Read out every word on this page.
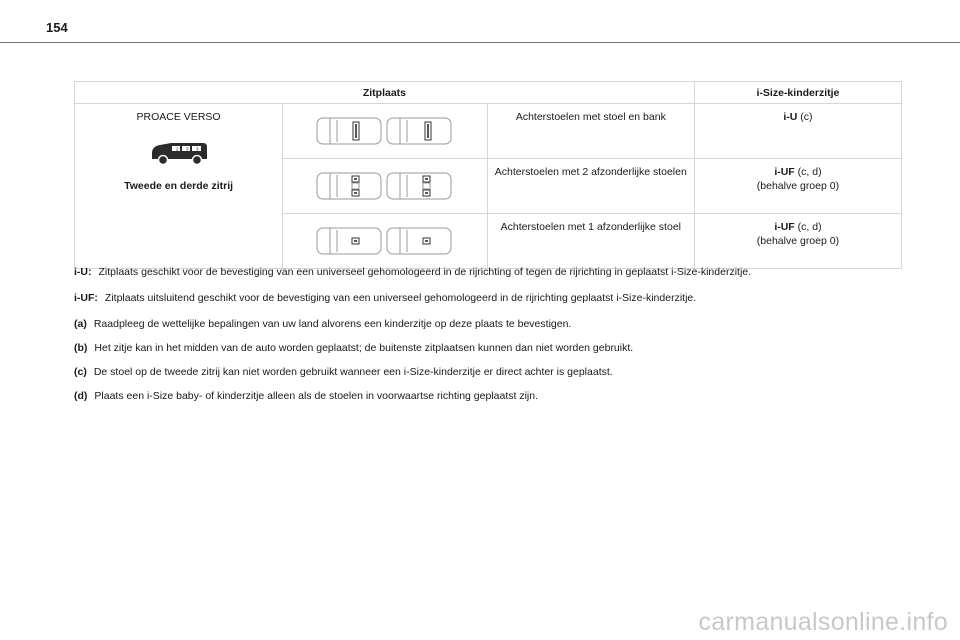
154
Zitplaats			i-Size-kinderzitje

PROACE VERSO
2 3 3
Tweede en derde zitrij		Achterstoelen met stoel en bank	i-U (c)

	Achterstoelen met 2 afzonderlijke stoelen	i-UF (c, d)
(behalve groep 0)

	Achterstoelen met 1 afzonderlijke stoel	i-UF (c, d)
(behalve groep 0)
i-U: Zitplaats geschikt voor de bevestiging van een universeel gehomologeerd in de rijrichting of tegen de rijrichting in geplaatst i-Size-kinderzitje.
i-UF: Zitplaats uitsluitend geschikt voor de bevestiging van een universeel gehomologeerd in de rijrichting geplaatst i-Size-kinderzitje.
(a) Raadpleeg de wettelijke bepalingen van uw land alvorens een kinderzitje op deze plaats te bevestigen.
(b) Het zitje kan in het midden van de auto worden geplaatst; de buitenste zitplaatsen kunnen dan niet worden gebruikt.
(c) De stoel op de tweede zitrij kan niet worden gebruikt wanneer een i-Size-kinderzitje er direct achter is geplaatst.
(d) Plaats een i-Size baby- of kinderzitje alleen als de stoelen in voorwaartse richting geplaatst zijn.
carmanualsonline.info
